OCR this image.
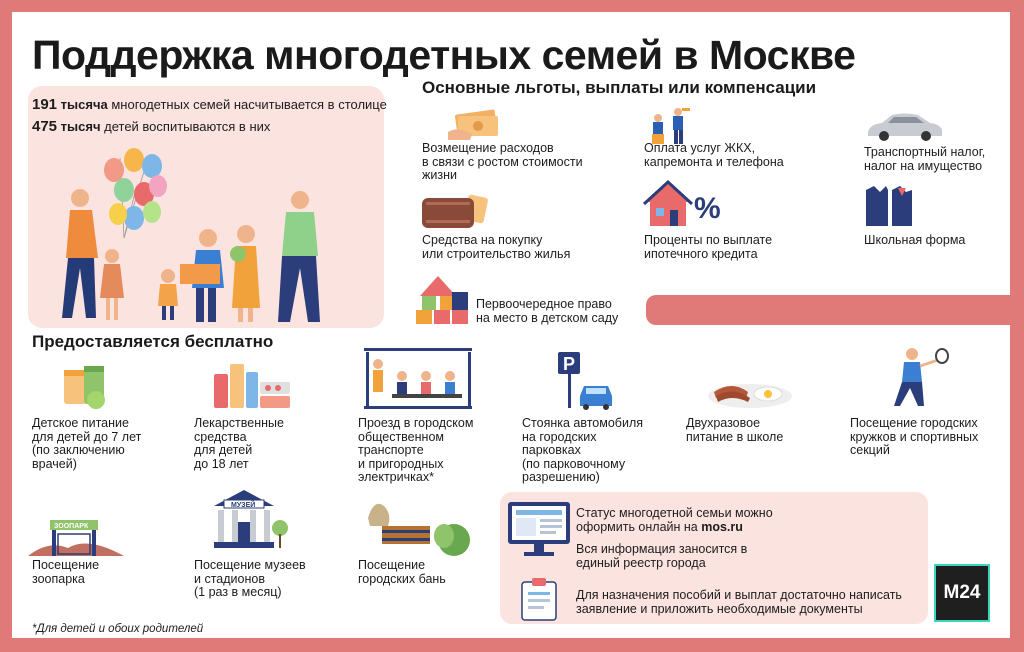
Поддержка многодетных семей в Москве
191 тысяча многодетных семей насчитывается в столице
475 тысяч детей воспитываются в них
Основные льготы, выплаты или компенсации
%
Возмещение расходов
в связи с ростом стоимости
жизни
Оплата услуг ЖКХ,
капремонта и телефона
Транспортный налог,
налог на имущество
Средства на покупку
или строительство жилья
Проценты по выплате
ипотечного кредита
Школьная форма
Первоочередное право
на место в детском саду
Предоставляется бесплатно
P
Детское питание
для детей до 7 лет
(по заключению
врачей)
Лекарственные
средства
для детей
до 18 лет
Проезд в городском
общественном
транспорте
и пригородных
электричках*
Стоянка автомобиля
на городских
парковках
(по парковочному
разрешению)
Двухразовое
питание в школе
Посещение городских
кружков и спортивных
секций
ЗООПАРК
МУЗЕЙ
Посещение
зоопарка
Посещение музеев
и стадионов
(1 раз в месяц)
Посещение
городских бань
Статус многодетной семьи можно оформить онлайн на mos.ru
Вся информация заносится в единый реестр города
Для назначения пособий и выплат достаточно написать заявление и приложить необходимые документы
M24
*Для детей и обоих родителей
